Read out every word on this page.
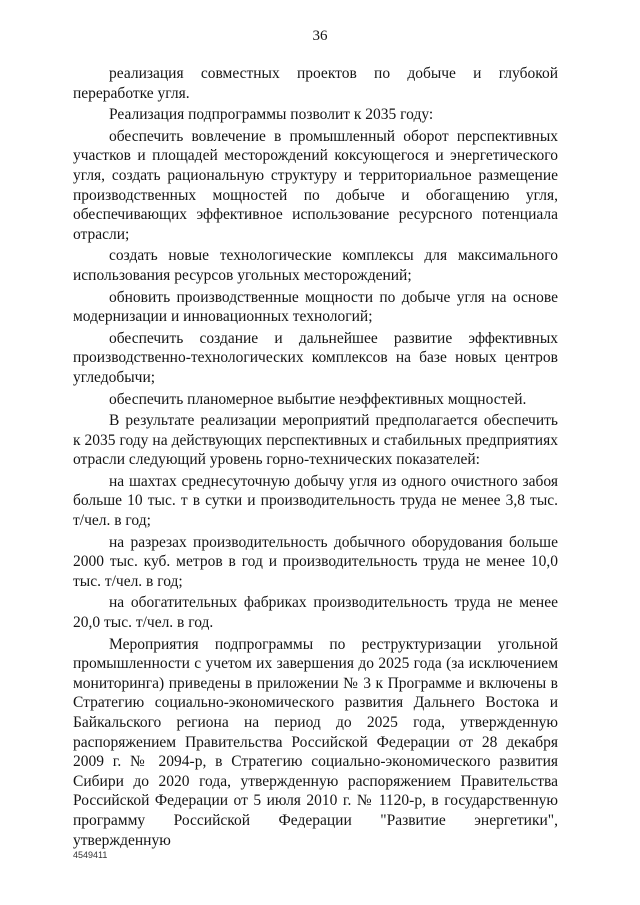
36

реализация совместных проектов по добыче и глубокой переработке угля.

Реализация подпрограммы позволит к 2035 году:

обеспечить вовлечение в промышленный оборот перспективных участков и площадей месторождений коксующегося и энергетического угля, создать рациональную структуру и территориальное размещение производственных мощностей по добыче и обогащению угля, обеспечивающих эффективное использование ресурсного потенциала отрасли;

создать новые технологические комплексы для максимального использования ресурсов угольных месторождений;

обновить производственные мощности по добыче угля на основе модернизации и инновационных технологий;

обеспечить создание и дальнейшее развитие эффективных производственно-технологических комплексов на базе новых центров угледобычи;

обеспечить планомерное выбытие неэффективных мощностей.

В результате реализации мероприятий предполагается обеспечить к 2035 году на действующих перспективных и стабильных предприятиях отрасли следующий уровень горно-технических показателей:

на шахтах среднесуточную добычу угля из одного очистного забоя больше 10 тыс. т в сутки и производительность труда не менее 3,8 тыс. т/чел. в год;

на разрезах производительность добычного оборудования больше 2000 тыс. куб. метров в год и производительность труда не менее 10,0 тыс. т/чел. в год;

на обогатительных фабриках производительность труда не менее 20,0 тыс. т/чел. в год.

Мероприятия подпрограммы по реструктуризации угольной промышленности с учетом их завершения до 2025 года (за исключением мониторинга) приведены в приложении № 3 к Программе и включены в Стратегию социально-экономического развития Дальнего Востока и Байкальского региона на период до 2025 года, утвержденную распоряжением Правительства Российской Федерации от 28 декабря 2009 г. № 2094-р, в Стратегию социально-экономического развития Сибири до 2020 года, утвержденную распоряжением Правительства Российской Федерации от 5 июля 2010 г. № 1120-р, в государственную программу Российской Федерации "Развитие энергетики", утвержденную

4549411
